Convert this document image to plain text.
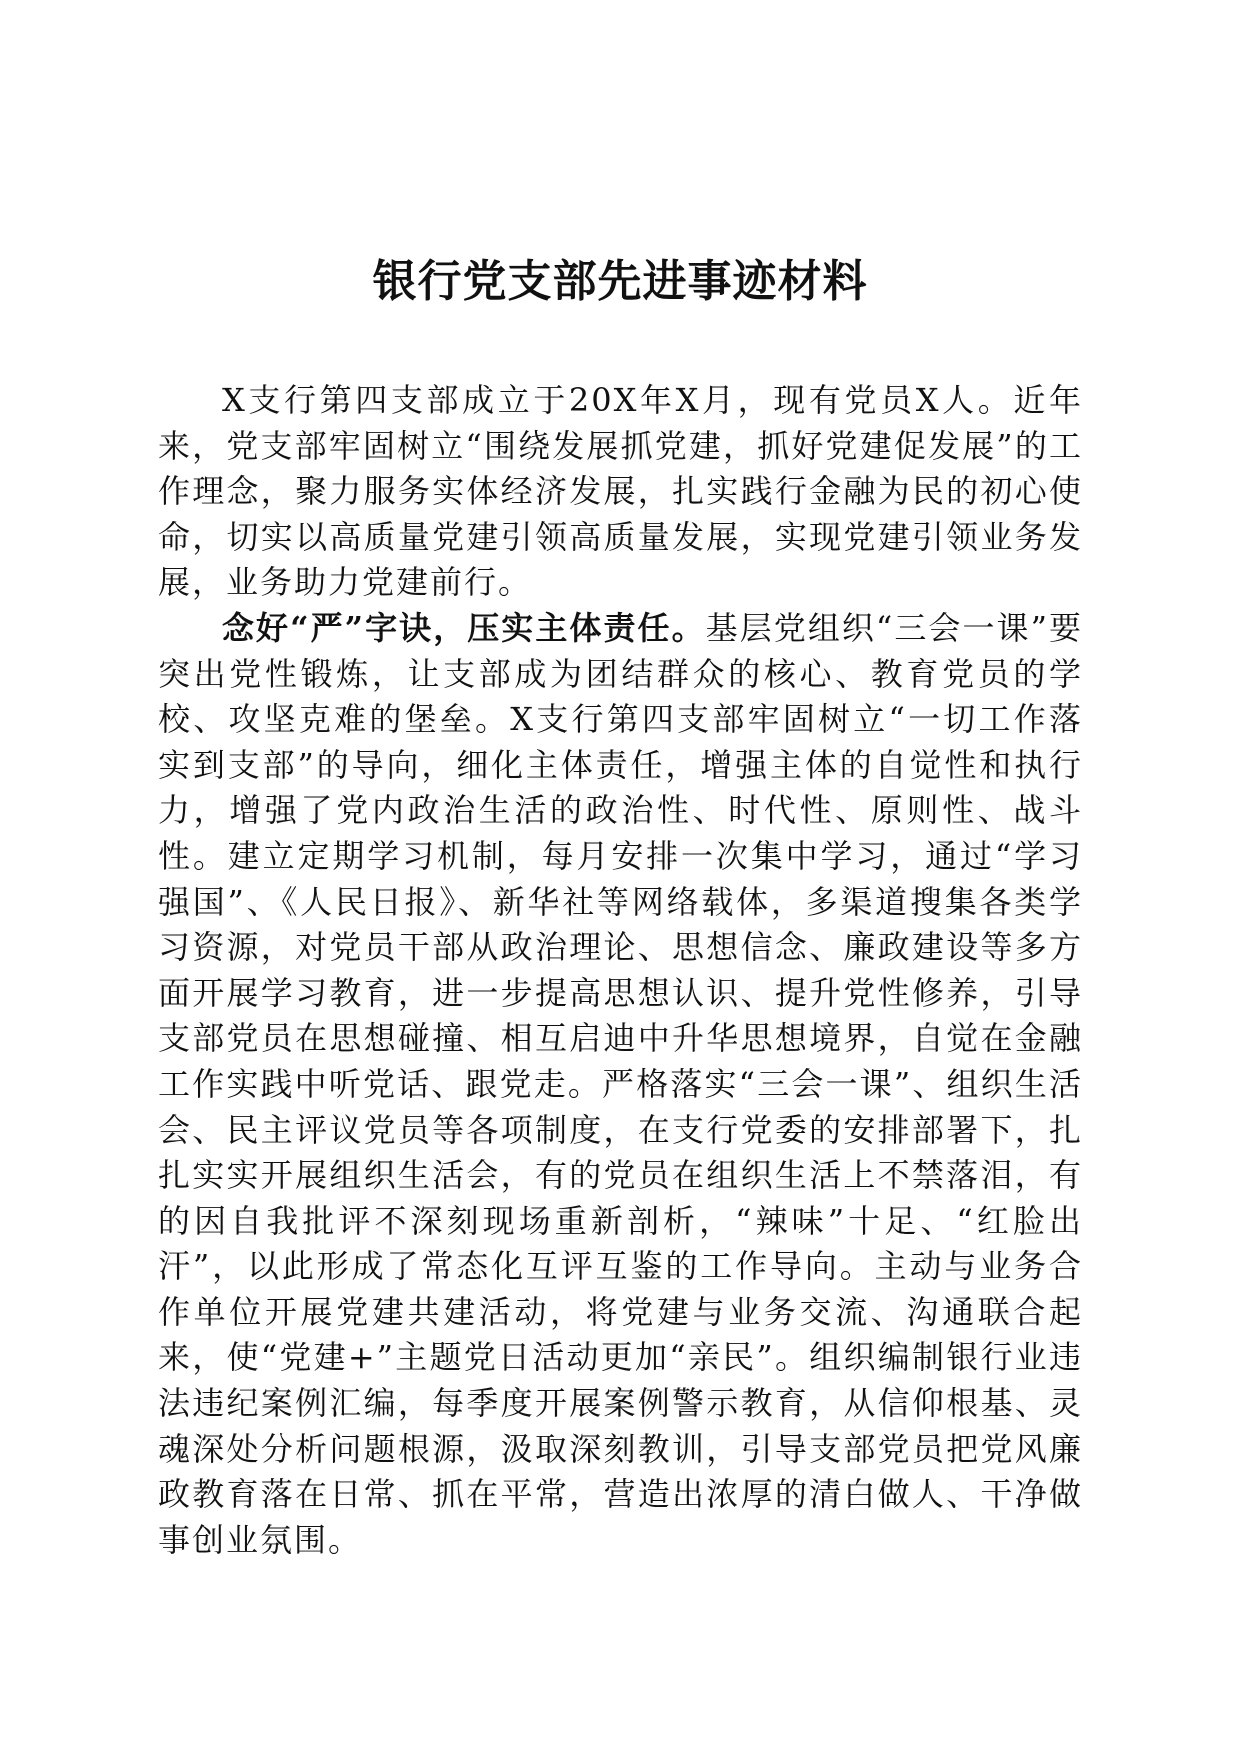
银行党支部先进事迹材料

X支行第四支部成立于20X年X月，现有党员X人。近年来，党支部牢固树立“围绕发展抓党建，抓好党建促发展”的工作理念，聚力服务实体经济发展，扎实践行金融为民的初心使命，切实以高质量党建引领高质量发展，实现党建引领业务发展，业务助力党建前行。

念好“严”字诀，压实主体责任。基层党组织“三会一课”要突出党性锻炼，让支部成为团结群众的核心、教育党员的学校、攻坚克难的堡垒。X支行第四支部牢固树立“一切工作落实到支部”的导向，细化主体责任，增强主体的自觉性和执行力，增强了党内政治生活的政治性、时代性、原则性、战斗性。建立定期学习机制，每月安排一次集中学习，通过“学习强国”、《人民日报》、新华社等网络载体，多渠道搜集各类学习资源，对党员干部从政治理论、思想信念、廉政建设等多方面开展学习教育，进一步提高思想认识、提升党性修养，引导支部党员在思想碰撞、相互启迪中升华思想境界，自觉在金融工作实践中听党话、跟党走。严格落实“三会一课”、组织生活会、民主评议党员等各项制度，在支行党委的安排部署下，扎扎实实开展组织生活会，有的党员在组织生活上不禁落泪，有的因自我批评不深刻现场重新剖析，“辣味”十足、“红脸出汗”，以此形成了常态化互评互鉴的工作导向。主动与业务合作单位开展党建共建活动，将党建与业务交流、沟通联合起来，使“党建+”主题党日活动更加“亲民”。组织编制银行业违法违纪案例汇编，每季度开展案例警示教育，从信仰根基、灵魂深处分析问题根源，汲取深刻教训，引导支部党员把党风廉政教育落在日常、抓在平常，营造出浓厚的清白做人、干净做事创业氛围。
